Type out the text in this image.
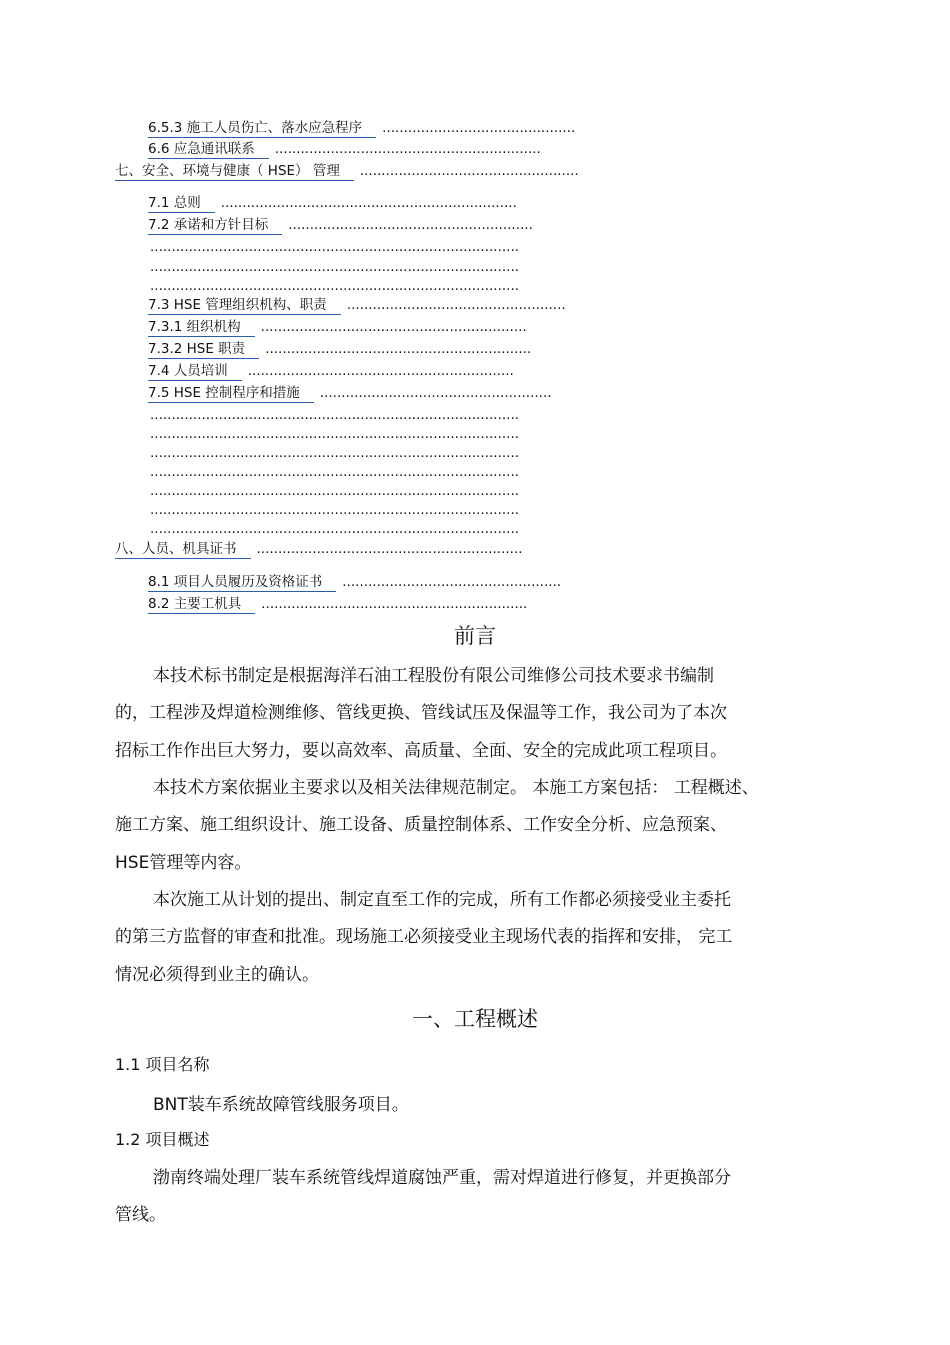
6.5.3 施工人员伤亡、落水应急程序 .............................................
6.6 应急通讯联系 ..............................................................
七、安全、环境与健康（ HSE） 管理 ...................................................
7.1 总则 .....................................................................
7.2 承诺和方针目标 .........................................................
......................................................................................
......................................................................................
......................................................................................
7.3 HSE 管理组织机构、职责 ...................................................
7.3.1 组织机构 ..............................................................
7.3.2 HSE 职责 ..............................................................
7.4 人员培训 ..............................................................
7.5 HSE 控制程序和措施 ......................................................
......................................................................................
......................................................................................
......................................................................................
......................................................................................
......................................................................................
......................................................................................
......................................................................................
八、人员、机具证书 ..............................................................
8.1 项目人员履历及资格证书 ...................................................
8.2 主要工机具 ..............................................................
前言

本技术标书制定是根据海洋石油工程股份有限公司维修公司技术要求书编制

的，工程涉及焊道检测维修、管线更换、管线试压及保温等工作，我公司为了本次

招标工作作出巨大努力，要以高效率、高质量、全面、安全的完成此项工程项目。

本技术方案依据业主要求以及相关法律规范制定。 本施工方案包括： 工程概述、

施工方案、施工组织设计、施工设备、质量控制体系、工作安全分析、应急预案、

HSE管理等内容。

本次施工从计划的提出、制定直至工作的完成，所有工作都必须接受业主委托

的第三方监督的审查和批准。现场施工必须接受业主现场代表的指挥和安排， 完工

情况必须得到业主的确认。

一、工程概述
1.1 项目名称
BNT装车系统故障管线服务项目。
1.2 项目概述
渤南终端处理厂装车系统管线焊道腐蚀严重，需对焊道进行修复，并更换部分
管线。
